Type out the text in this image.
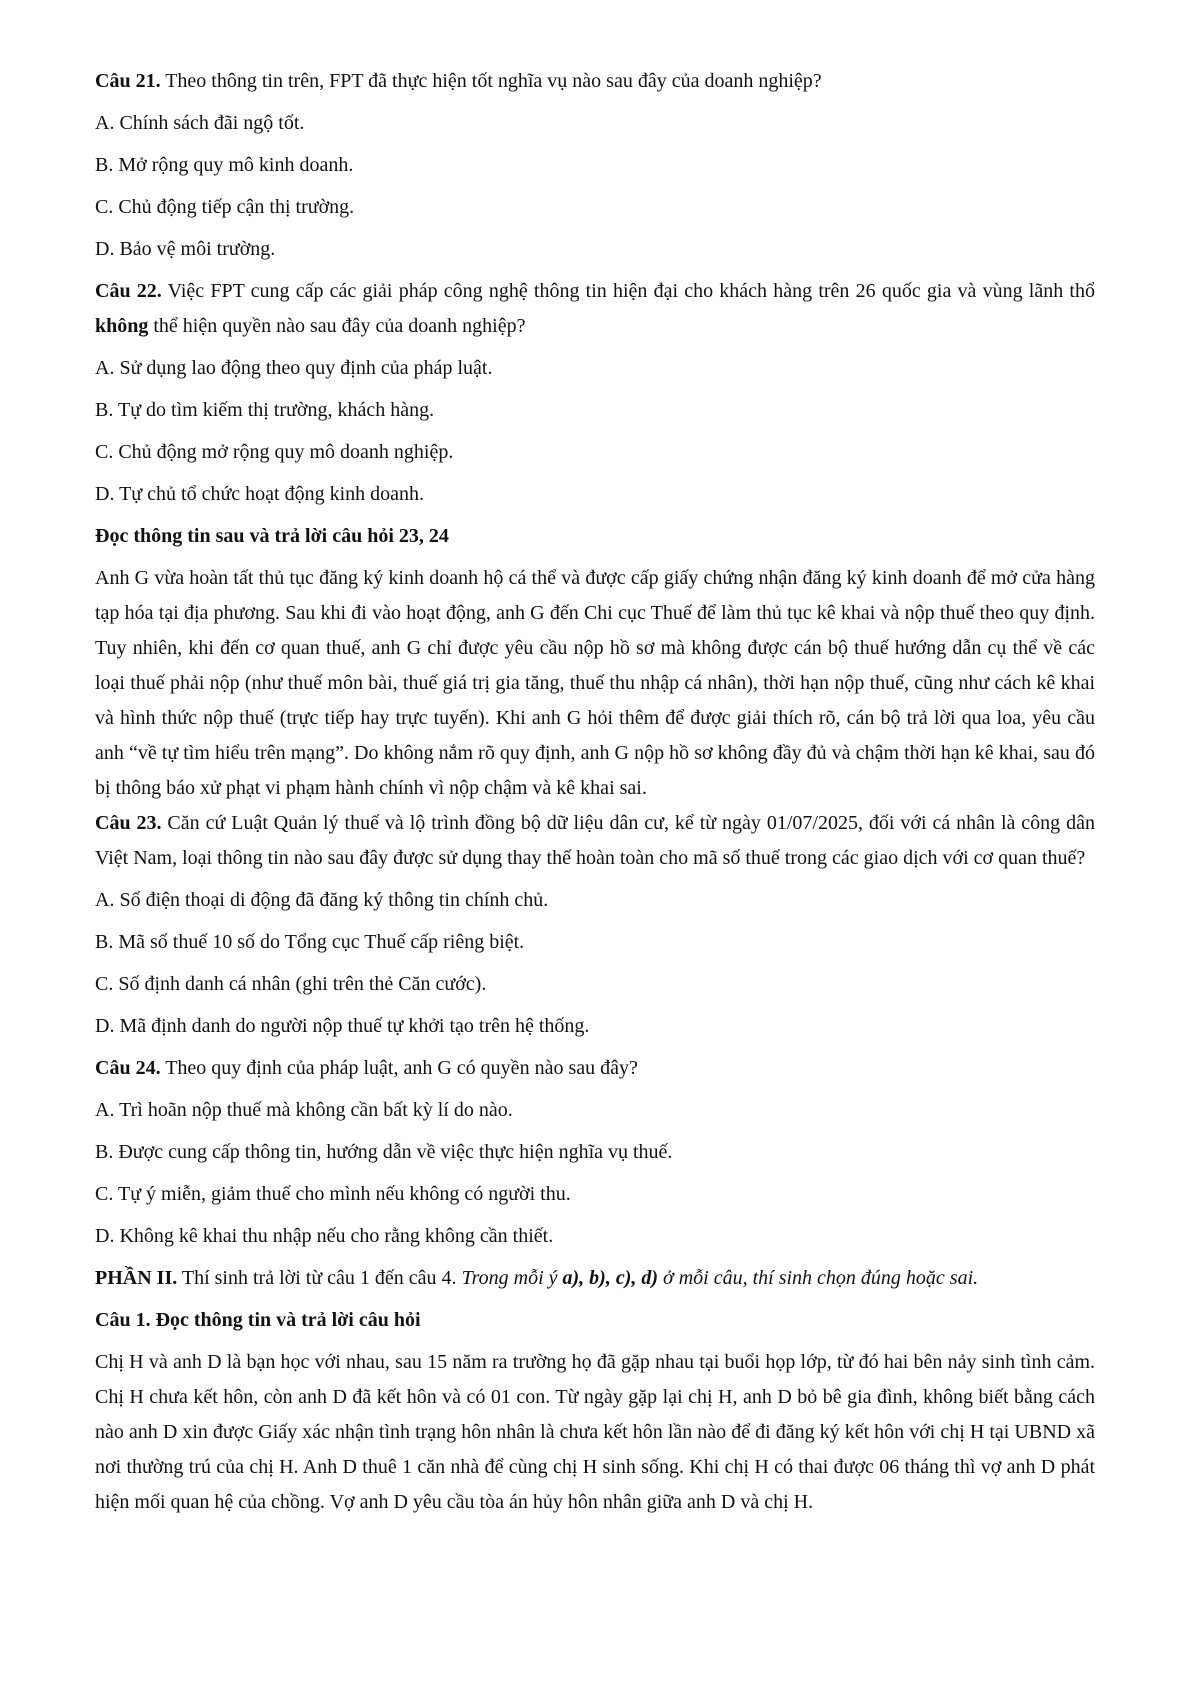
Câu 21. Theo thông tin trên, FPT đã thực hiện tốt nghĩa vụ nào sau đây của doanh nghiệp?
A. Chính sách đãi ngộ tốt.
B. Mở rộng quy mô kinh doanh.
C. Chủ động tiếp cận thị trường.
D. Bảo vệ môi trường.
Câu 22. Việc FPT cung cấp các giải pháp công nghệ thông tin hiện đại cho khách hàng trên 26 quốc gia và vùng lãnh thổ không thể hiện quyền nào sau đây của doanh nghiệp?
A. Sử dụng lao động theo quy định của pháp luật.
B. Tự do tìm kiếm thị trường, khách hàng.
C. Chủ động mở rộng quy mô doanh nghiệp.
D. Tự chủ tổ chức hoạt động kinh doanh.
Đọc thông tin sau và trả lời câu hỏi 23, 24
Anh G vừa hoàn tất thủ tục đăng ký kinh doanh hộ cá thể và được cấp giấy chứng nhận đăng ký kinh doanh để mở cửa hàng tạp hóa tại địa phương. Sau khi đi vào hoạt động, anh G đến Chi cục Thuế để làm thủ tục kê khai và nộp thuế theo quy định. Tuy nhiên, khi đến cơ quan thuế, anh G chỉ được yêu cầu nộp hồ sơ mà không được cán bộ thuế hướng dẫn cụ thể về các loại thuế phải nộp (như thuế môn bài, thuế giá trị gia tăng, thuế thu nhập cá nhân), thời hạn nộp thuế, cũng như cách kê khai và hình thức nộp thuế (trực tiếp hay trực tuyến). Khi anh G hỏi thêm để được giải thích rõ, cán bộ trả lời qua loa, yêu cầu anh “về tự tìm hiểu trên mạng”. Do không nắm rõ quy định, anh G nộp hồ sơ không đầy đủ và chậm thời hạn kê khai, sau đó bị thông báo xử phạt vi phạm hành chính vì nộp chậm và kê khai sai.
Câu 23. Căn cứ Luật Quản lý thuế và lộ trình đồng bộ dữ liệu dân cư, kể từ ngày 01/07/2025, đối với cá nhân là công dân Việt Nam, loại thông tin nào sau đây được sử dụng thay thế hoàn toàn cho mã số thuế trong các giao dịch với cơ quan thuế?
A. Số điện thoại di động đã đăng ký thông tin chính chủ.
B. Mã số thuế 10 số do Tổng cục Thuế cấp riêng biệt.
C. Số định danh cá nhân (ghi trên thẻ Căn cước).
D. Mã định danh do người nộp thuế tự khởi tạo trên hệ thống.
Câu 24. Theo quy định của pháp luật, anh G có quyền nào sau đây?
A. Trì hoãn nộp thuế mà không cần bất kỳ lí do nào.
B. Được cung cấp thông tin, hướng dẫn về việc thực hiện nghĩa vụ thuế.
C. Tự ý miễn, giảm thuế cho mình nếu không có người thu.
D. Không kê khai thu nhập nếu cho rằng không cần thiết.
PHẦN II. Thí sinh trả lời từ câu 1 đến câu 4. Trong mỗi ý a), b), c), d) ở mỗi câu, thí sinh chọn đúng hoặc sai.
Câu 1. Đọc thông tin và trả lời câu hỏi
Chị H và anh D là bạn học với nhau, sau 15 năm ra trường họ đã gặp nhau tại buổi họp lớp, từ đó hai bên nảy sinh tình cảm. Chị H chưa kết hôn, còn anh D đã kết hôn và có 01 con. Từ ngày gặp lại chị H, anh D bỏ bê gia đình, không biết bằng cách nào anh D xin được Giấy xác nhận tình trạng hôn nhân là chưa kết hôn lần nào để đi đăng ký kết hôn với chị H tại UBND xã nơi thường trú của chị H. Anh D thuê 1 căn nhà để cùng chị H sinh sống. Khi chị H có thai được 06 tháng thì vợ anh D phát hiện mối quan hệ của chồng. Vợ anh D yêu cầu tòa án hủy hôn nhân giữa anh D và chị H.
